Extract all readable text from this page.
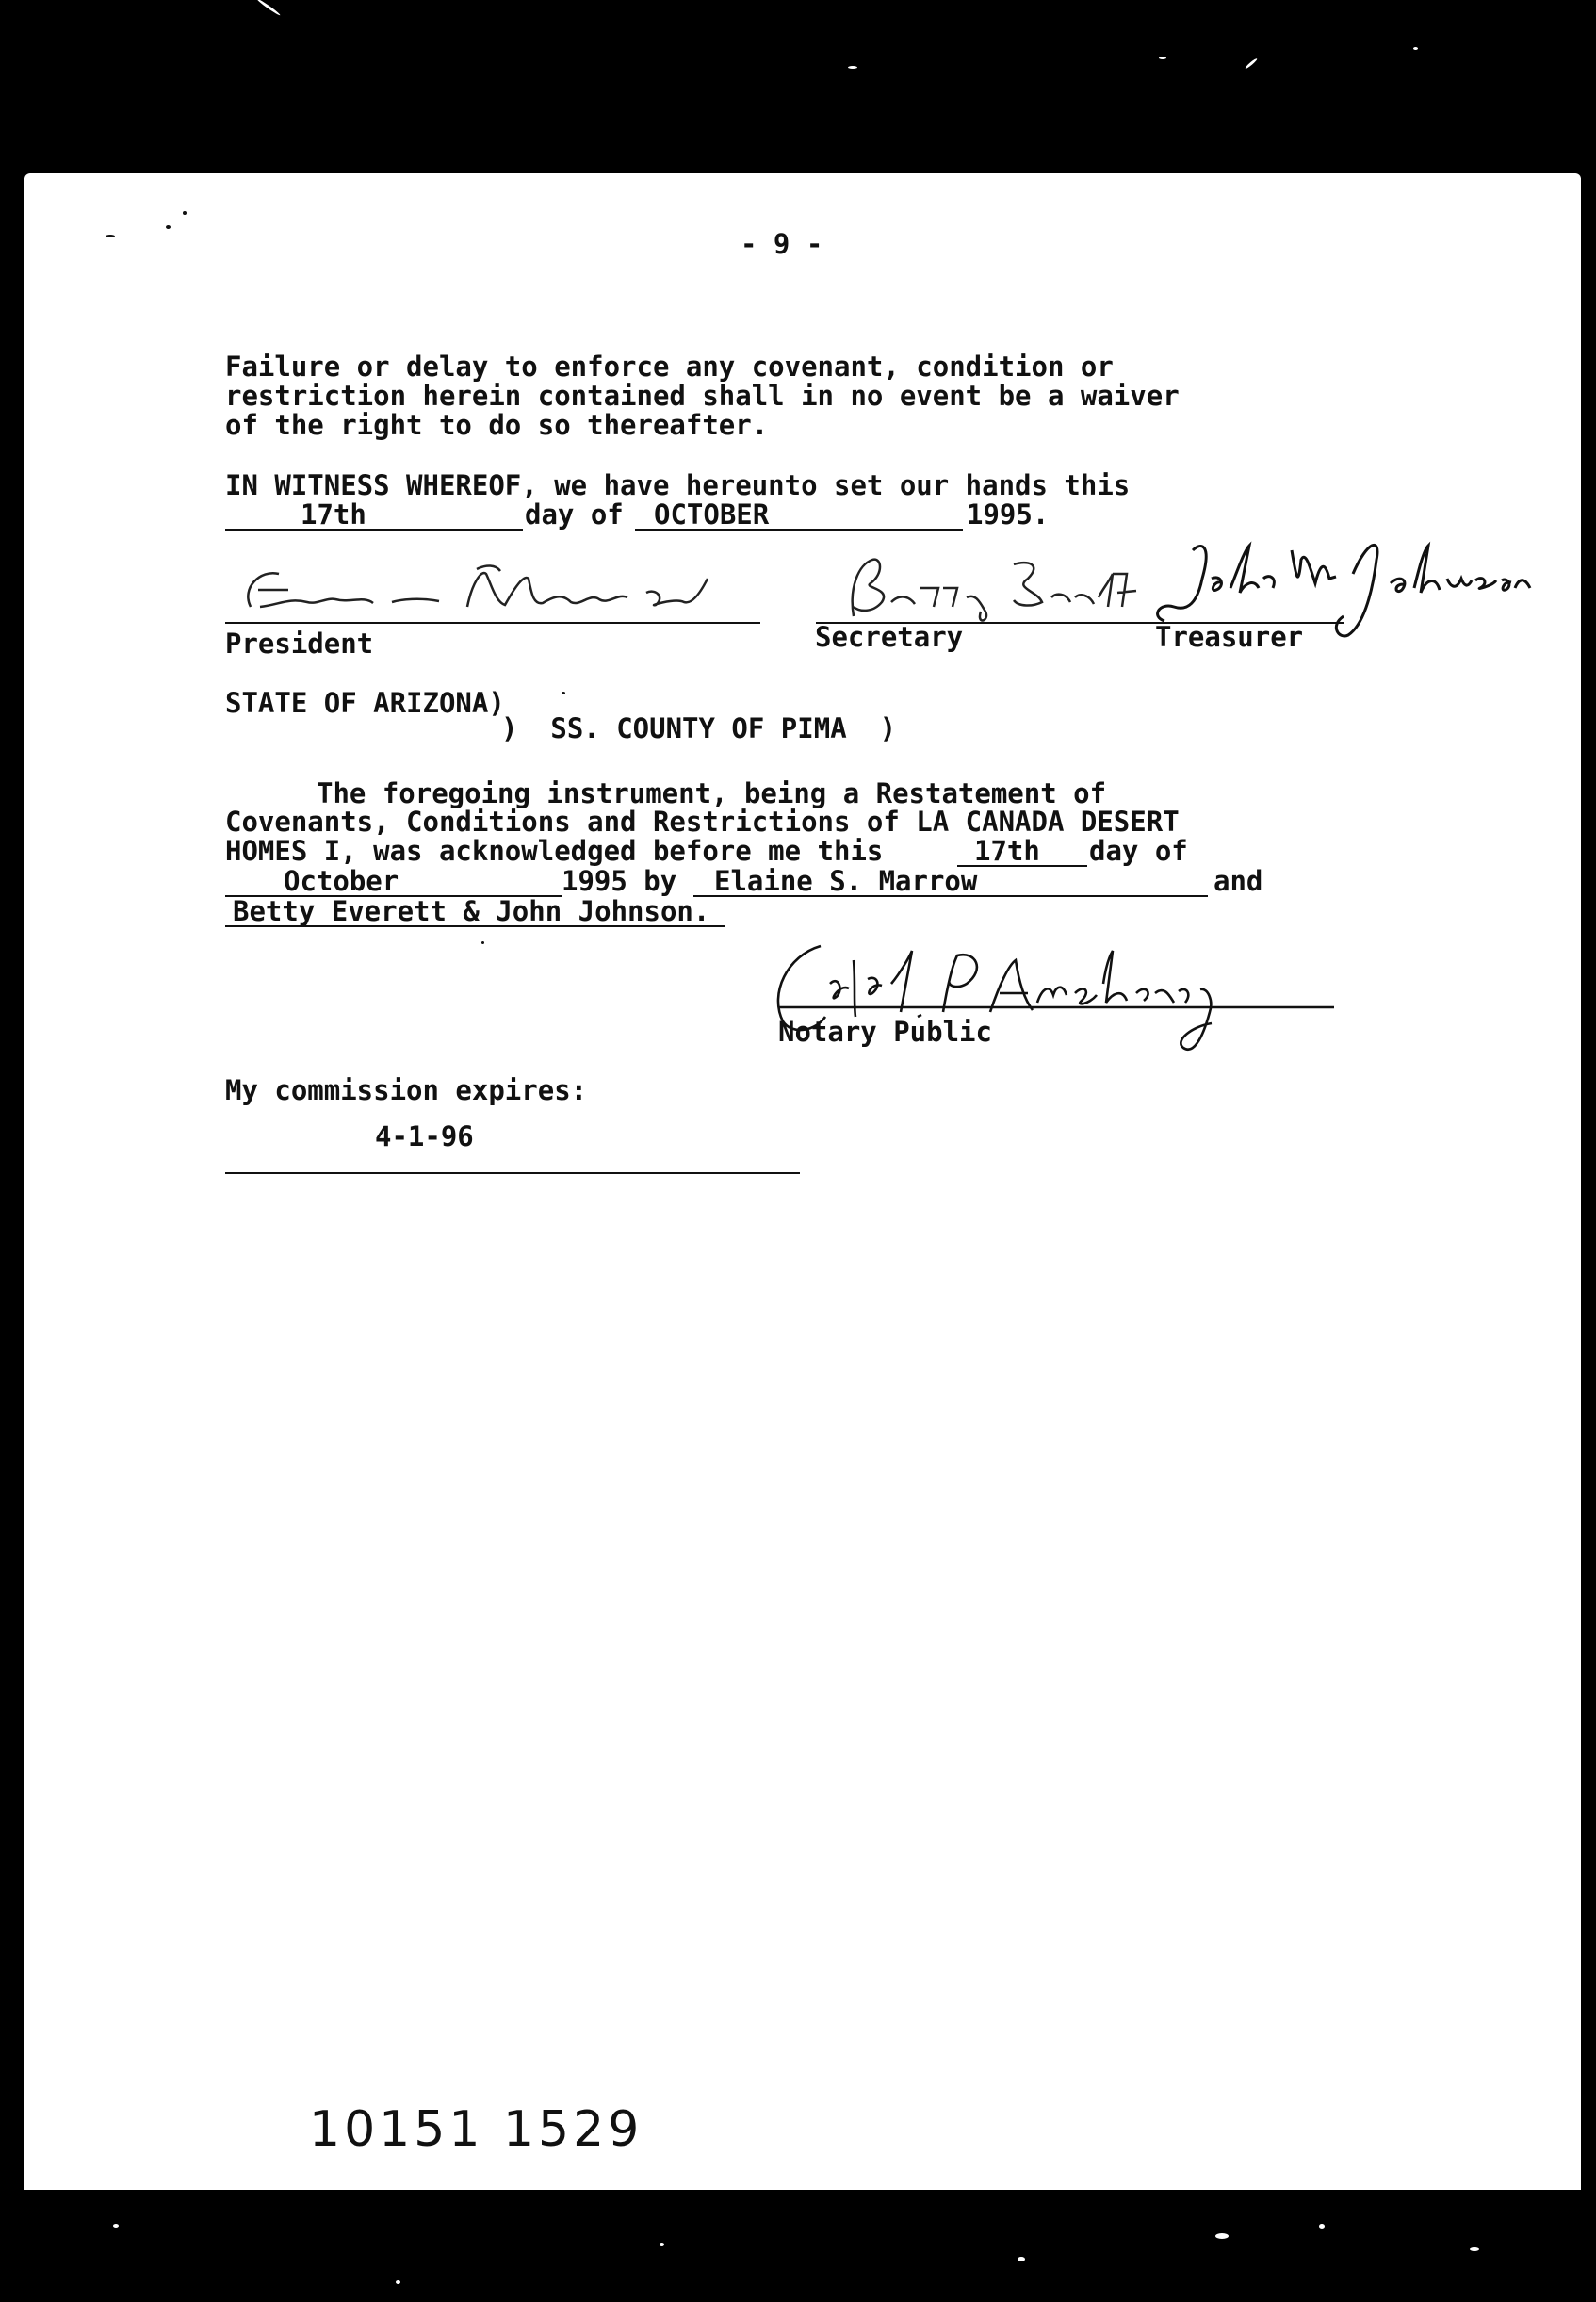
- 9 -
Failure or delay to enforce any covenant, condition or
restriction herein contained shall in no event be a waiver
of the right to do so thereafter.
IN WITNESS WHEREOF, we have hereunto set our hands this
17th	day of	OCTOBER	1995.
President	Secretary	Treasurer
STATE OF ARIZONA)
)  SS. COUNTY OF PIMA  )
The foregoing instrument, being a Restatement of
Covenants, Conditions and Restrictions of LA CANADA DESERT
HOMES I, was acknowledged before me this	17th	day of
October	1995 by	Elaine S. Marrow	and
Betty Everett & John Johnson.
Notary Public
My commission expires:
4-1-96
10151 1529
